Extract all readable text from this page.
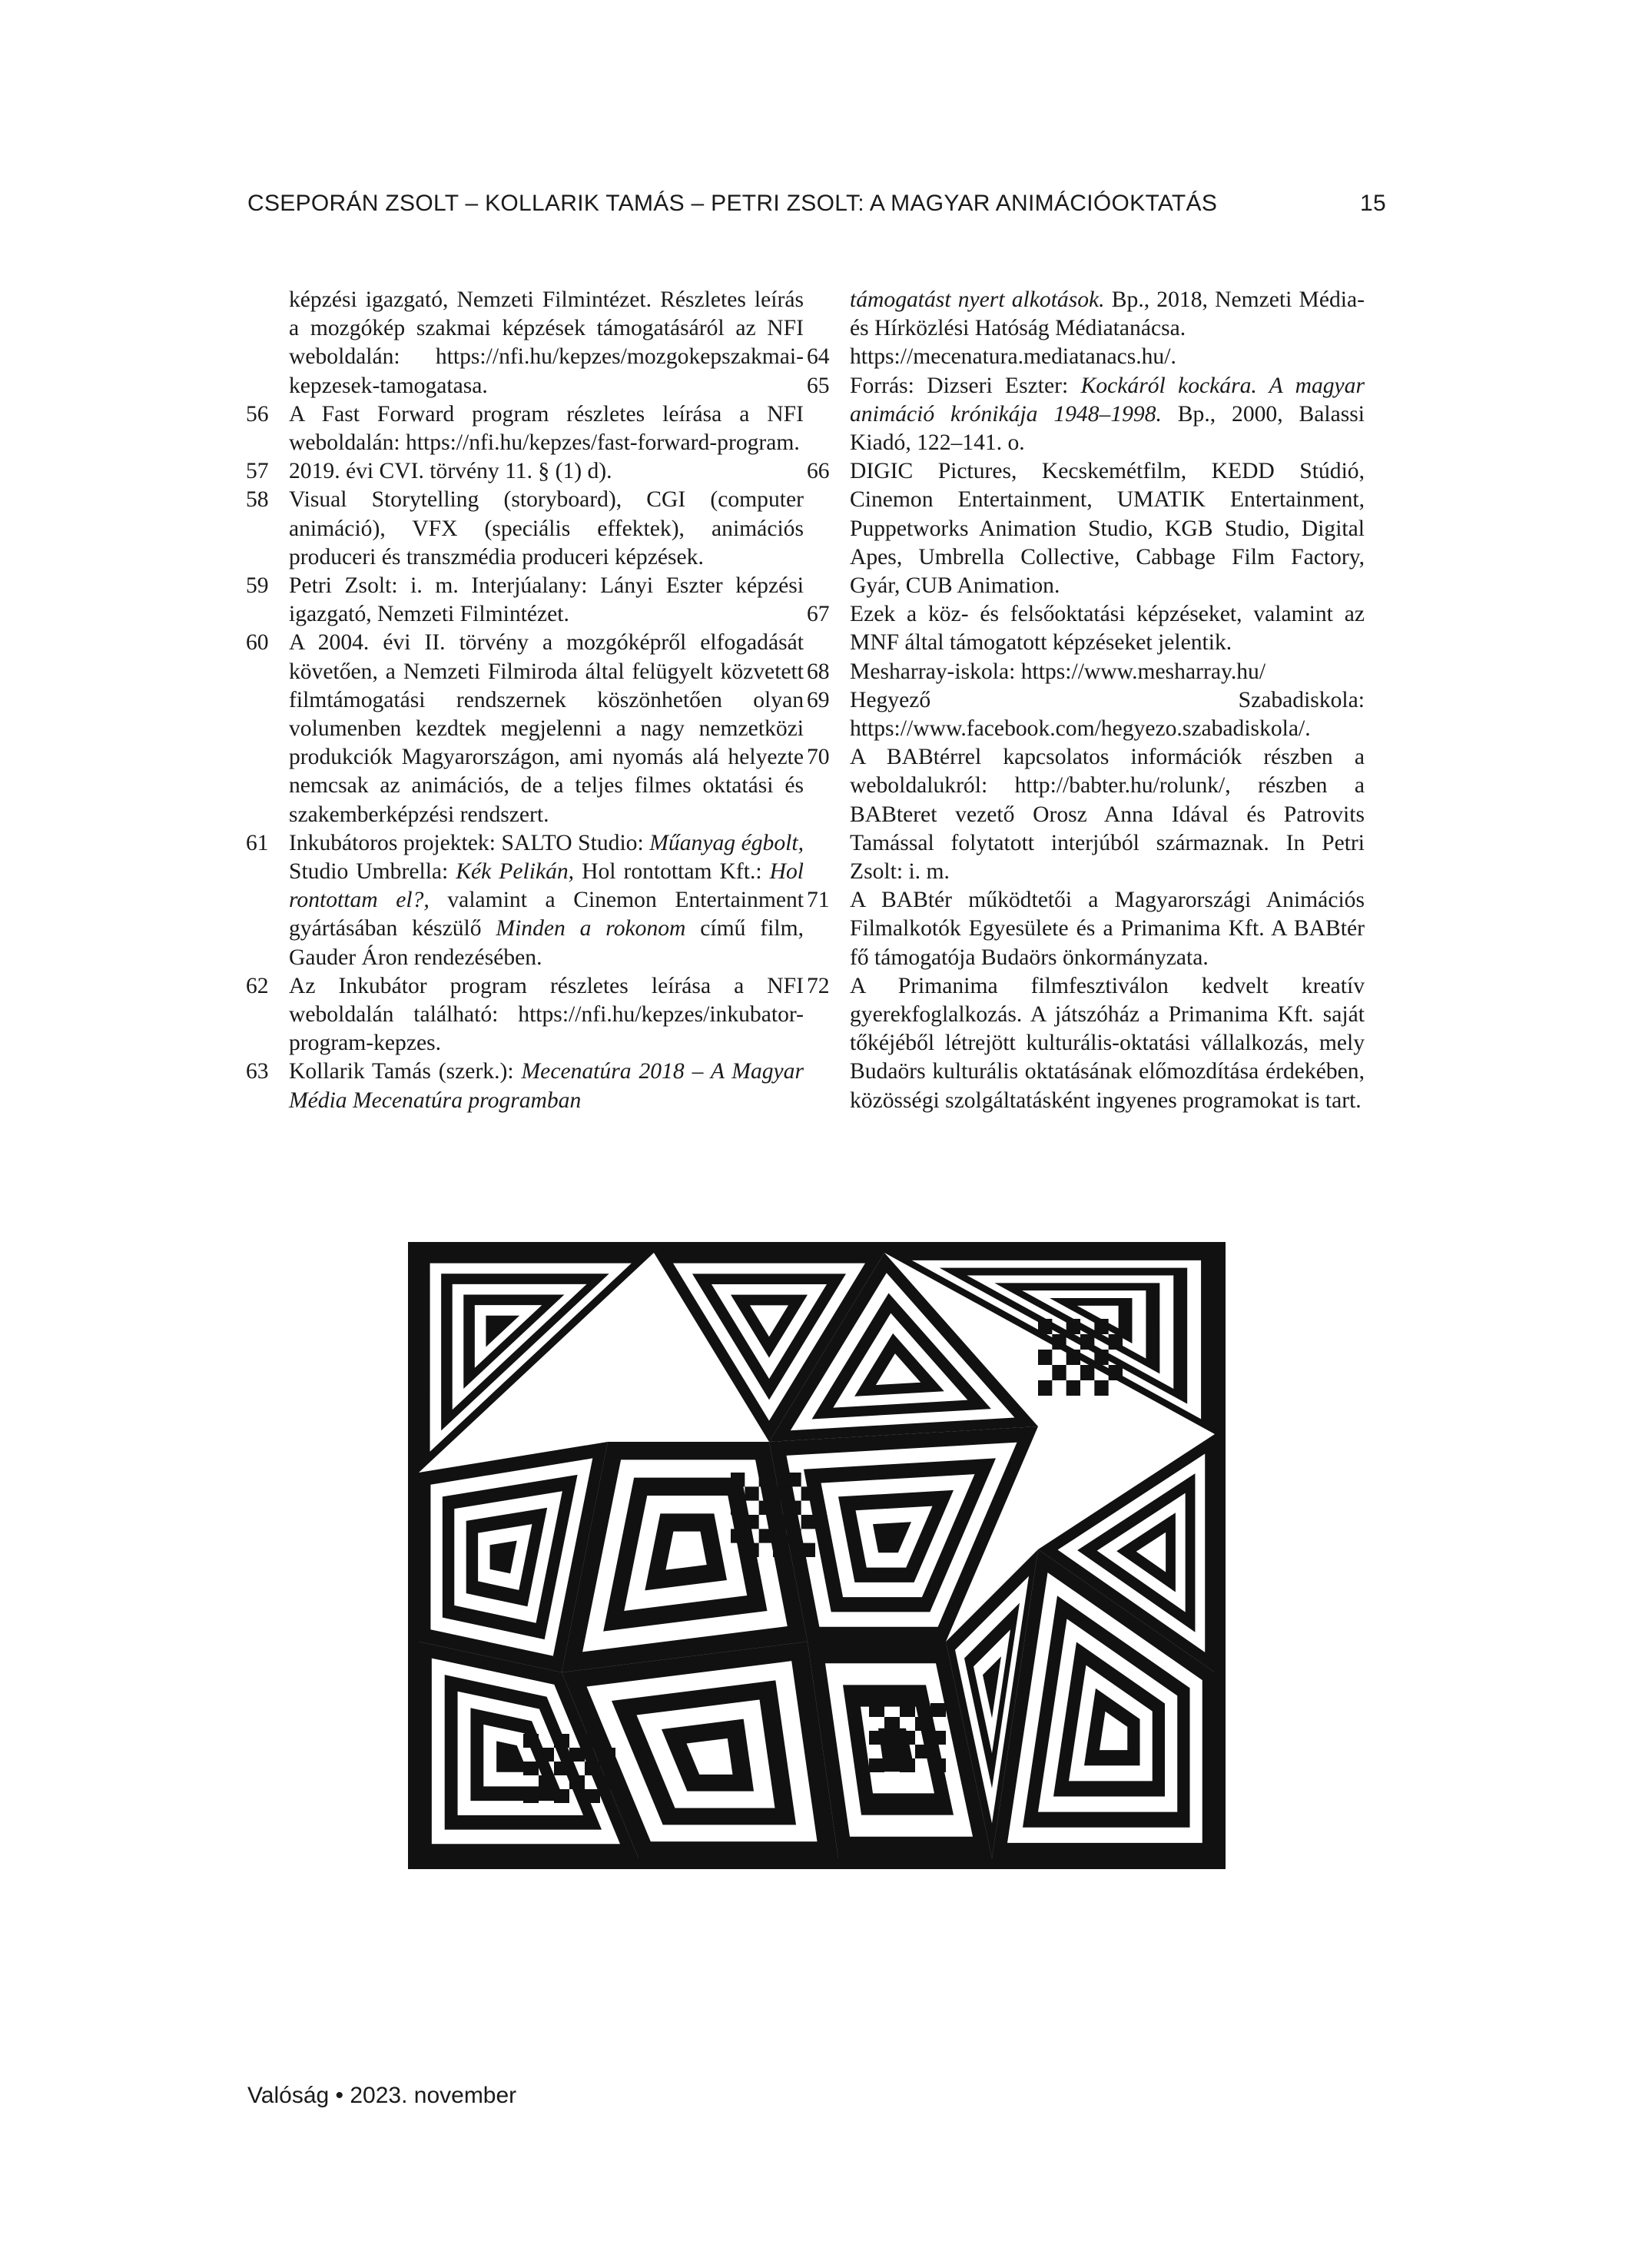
CSEPORÁN ZSOLT – KOLLARIK TAMÁS – PETRI ZSOLT: A MAGYAR ANIMÁCIÓOKTATÁS	15
képzési igazgató, Nemzeti Filmintézet. Részletes leírás a mozgókép szakmai képzések támogatásáról az NFI weboldalán: https://nfi.hu/kepzes/mozgokepszakmai-kepzesek-tamogatasa.
56 A Fast Forward program részletes leírása a NFI weboldalán: https://nfi.hu/kepzes/fast-forward-program.
57 2019. évi CVI. törvény 11. § (1) d).
58 Visual Storytelling (storyboard), CGI (computer animáció), VFX (speciális effektek), animációs produceri és transzmédia produceri képzések.
59 Petri Zsolt: i. m. Interjúalany: Lányi Eszter képzési igazgató, Nemzeti Filmintézet.
60 A 2004. évi II. törvény a mozgóképről elfogadását követően, a Nemzeti Filmiroda által felügyelt közvetett filmtámogatási rendszernek köszönhetően olyan volumenben kezdtek megjelenni a nagy nemzetközi produkciók Magyarországon, ami nyomás alá helyezte nemcsak az animációs, de a teljes filmes oktatási és szakemberképzési rendszert.
61 Inkubátoros projektek: SALTO Studio: Műanyag égbolt, Studio Umbrella: Kék Pelikán, Hol rontottam Kft.: Hol rontottam el?, valamint a Cinemon Entertainment gyártásában készülő Minden a rokonom című film, Gauder Áron rendezésében.
62 Az Inkubátor program részletes leírása a NFI weboldalán található: https://nfi.hu/kepzes/inkubator-program-kepzes.
63 Kollarik Tamás (szerk.): Mecenatúra 2018 – A Magyar Média Mecenatúra programban
támogatást nyert alkotások. Bp., 2018, Nemzeti Média- és Hírközlési Hatóság Médiatanácsa.
64 https://mecenatura.mediatanacs.hu/.
65 Forrás: Dizseri Eszter: Kockáról kockára. A magyar animáció krónikája 1948–1998. Bp., 2000, Balassi Kiadó, 122–141. o.
66 DIGIC Pictures, Kecskemétfilm, KEDD Stúdió, Cinemon Entertainment, UMATIK Entertainment, Puppetworks Animation Studio, KGB Studio, Digital Apes, Umbrella Collective, Cabbage Film Factory, Gyár, CUB Animation.
67 Ezek a köz- és felsőoktatási képzéseket, valamint az MNF által támogatott képzéseket jelentik.
68 Mesharray-iskola: https://www.mesharray.hu/
69 Hegyező Szabadiskola: https://www.facebook.com/hegyezo.szabadiskola/.
70 A BABtérrel kapcsolatos információk részben a weboldalukról: http://babter.hu/rolunk/, részben a BABteret vezető Orosz Anna Idával és Patrovits Tamással folytatott interjúból származnak. In Petri Zsolt: i. m.
71 A BABtér működtetői a Magyarországi Animációs Filmalkotók Egyesülete és a Primanima Kft. A BABtér fő támogatója Budaörs önkormányzata.
72 A Primanima filmfesztiválon kedvelt kreatív gyerekfoglalkozás. A játszóház a Primanima Kft. saját tőkéjéből létrejött kulturális-oktatási vállalkozás, mely Budaörs kulturális oktatásának előmozdítása érdekében, közösségi szolgáltatásként ingyenes programokat is tart.
Valóság • 2023. november
